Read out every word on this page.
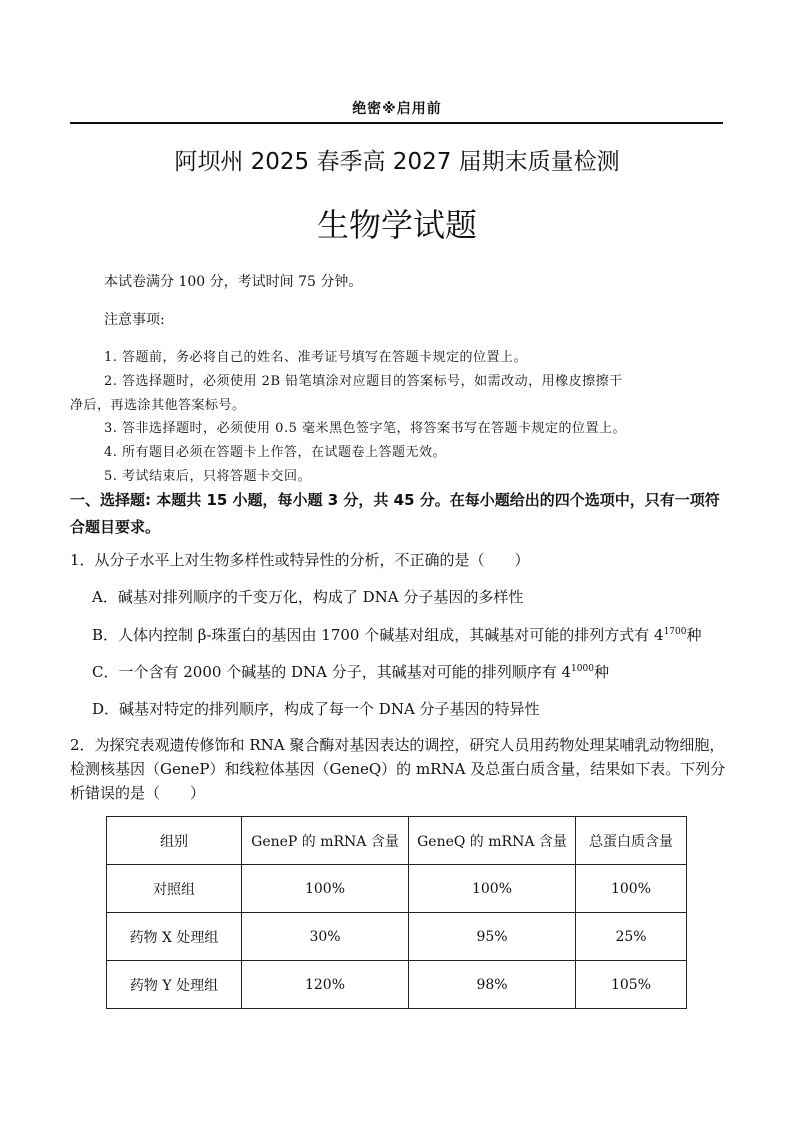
绝密※启用前
阿坝州 2025 春季高 2027 届期末质量检测
生物学试题
本试卷满分 100 分，考试时间 75 分钟。
注意事项:
1. 答题前，务必将自己的姓名、准考证号填写在答题卡规定的位置上。
2. 答选择题时，必须使用 2B 铅笔填涂对应题目的答案标号，如需改动，用橡皮擦擦干
净后，再选涂其他答案标号。
3. 答非选择题时，必须使用 0.5 毫米黑色签字笔，将答案书写在答题卡规定的位置上。
4. 所有题目必须在答题卡上作答，在试题卷上答题无效。
5. 考试结束后，只将答题卡交回。
一、选择题: 本题共 15 小题，每小题 3 分，共 45 分。在每小题给出的四个选项中，只有一项符合题目要求。
1．从分子水平上对生物多样性或特异性的分析，不正确的是（　　）
A．碱基对排列顺序的千变万化，构成了 DNA 分子基因的多样性
B．人体内控制 β-珠蛋白的基因由 1700 个碱基对组成，其碱基对可能的排列方式有 $4^{1700}$种
C．一个含有 2000 个碱基的 DNA 分子，其碱基对可能的排列顺序有 $4^{1000}$种
D．碱基对特定的排列顺序，构成了每一个 DNA 分子基因的特异性
2．为探究表观遗传修饰和 RNA 聚合酶对基因表达的调控，研究人员用药物处理某哺乳动物细胞，检测核基因（GeneP）和线粒体基因（GeneQ）的 mRNA 及总蛋白质含量，结果如下表。下列分析错误的是（　　）
组别	GeneP 的 mRNA 含量	GeneQ 的 mRNA 含量	总蛋白质含量
对照组	100%	100%	100%
药物 X 处理组	30%	95%	25%
药物 Y 处理组	120%	98%	105%
